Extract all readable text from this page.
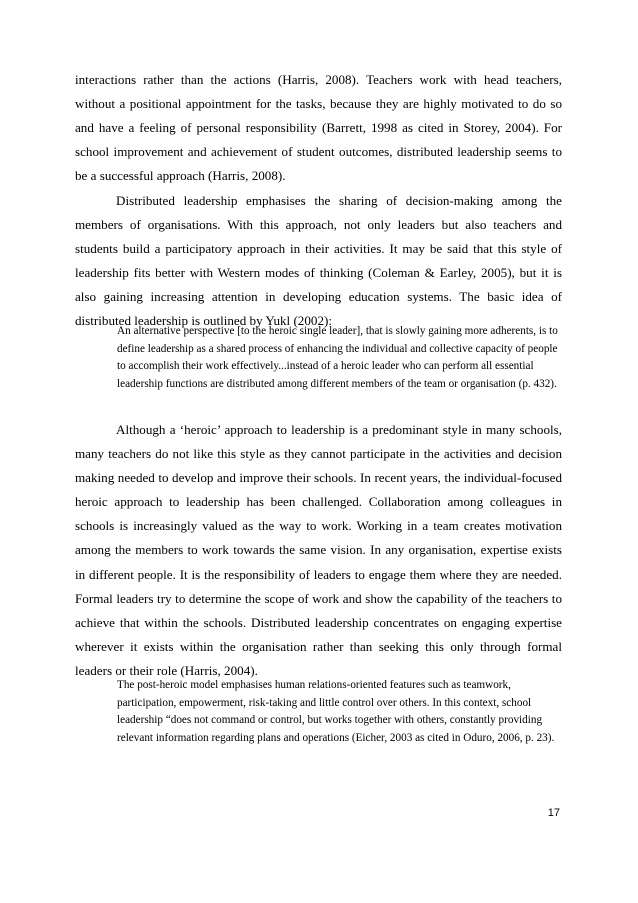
interactions rather than the actions (Harris, 2008). Teachers work with head teachers, without a positional appointment for the tasks, because they are highly motivated to do so and have a feeling of personal responsibility (Barrett, 1998 as cited in Storey, 2004). For school improvement and achievement of student outcomes, distributed leadership seems to be a successful approach (Harris, 2008).

Distributed leadership emphasises the sharing of decision-making among the members of organisations. With this approach, not only leaders but also teachers and students build a participatory approach in their activities. It may be said that this style of leadership fits better with Western modes of thinking (Coleman & Earley, 2005), but it is also gaining increasing attention in developing education systems. The basic idea of distributed leadership is outlined by Yukl (2002):

An alternative perspective [to the heroic single leader], that is slowly gaining more adherents, is to define leadership as a shared process of enhancing the individual and collective capacity of people to accomplish their work effectively...instead of a heroic leader who can perform all essential leadership functions are distributed among different members of the team or organisation (p. 432).

Although a ‘heroic’ approach to leadership is a predominant style in many schools, many teachers do not like this style as they cannot participate in the activities and decision making needed to develop and improve their schools. In recent years, the individual-focused heroic approach to leadership has been challenged. Collaboration among colleagues in schools is increasingly valued as the way to work. Working in a team creates motivation among the members to work towards the same vision. In any organisation, expertise exists in different people. It is the responsibility of leaders to engage them where they are needed. Formal leaders try to determine the scope of work and show the capability of the teachers to achieve that within the schools. Distributed leadership concentrates on engaging expertise wherever it exists within the organisation rather than seeking this only through formal leaders or their role (Harris, 2004).

The post-heroic model emphasises human relations-oriented features such as teamwork, participation, empowerment, risk-taking and little control over others. In this context, school leadership “does not command or control, but works together with others, constantly providing relevant information regarding plans and operations (Eicher, 2003 as cited in Oduro, 2006, p. 23).
17
